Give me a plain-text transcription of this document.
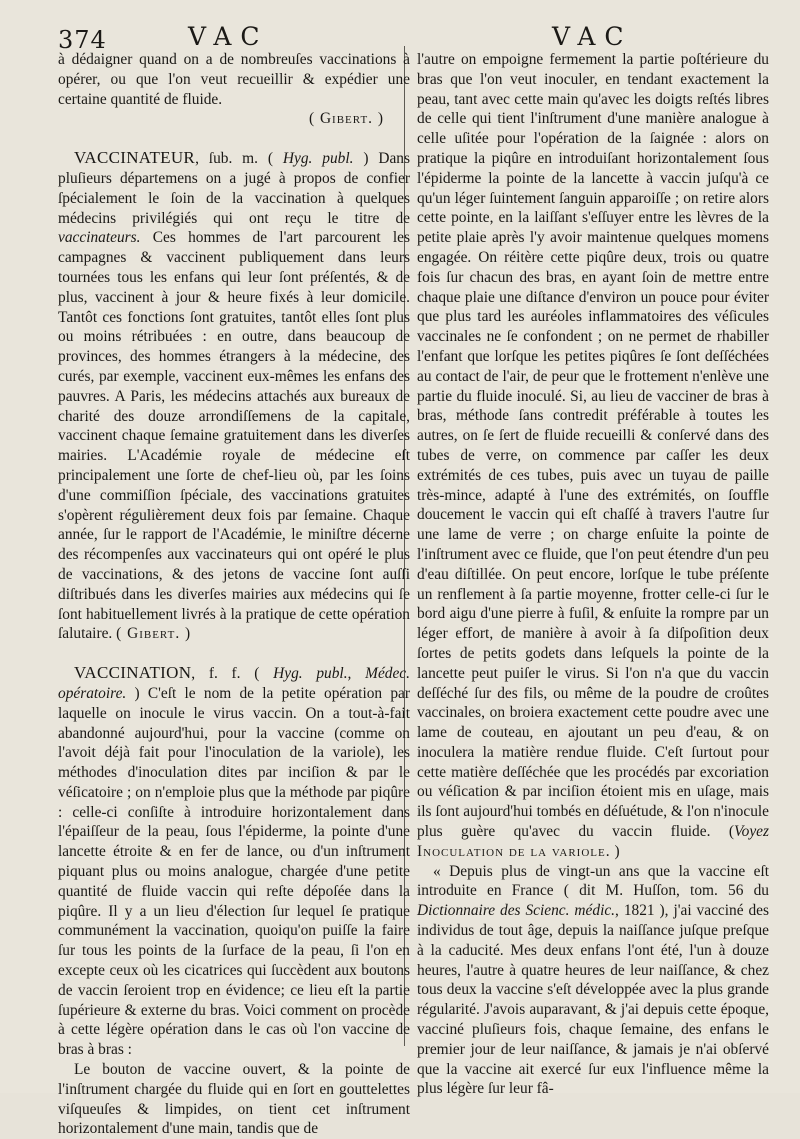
374	VAC	VAC

à dédaigner quand on a de nombreuſes vaccinations à opérer, ou que l'on veut recueillir & expédier une certaine quantité de fluide.

( Gibert. )

VACCINATEUR, ſub. m. ( Hyg. publ. ) Dans pluſieurs départemens on a jugé à propos de confier ſpécialement le ſoin de la vaccination à quelques médecins privilégiés qui ont reçu le titre de vaccinateurs. Ces hommes de l'art parcourent les campagnes & vaccinent publiquement dans leurs tournées tous les enfans qui leur ſont préſentés, & de plus, vaccinent à jour & heure fixés à leur domicile. Tantôt ces fonctions ſont gratuites, tantôt elles ſont plus ou moins rétribuées : en outre, dans beaucoup de provinces, des hommes étrangers à la médecine, des curés, par exemple, vaccinent eux-mêmes les enfans des pauvres. A Paris, les médecins attachés aux bureaux de charité des douze arrondiſſemens de la capitale, vaccinent chaque ſemaine gratuitement dans les diverſes mairies. L'Académie royale de médecine eſt principalement une ſorte de chef-lieu où, par les ſoins d'une commiſſion ſpéciale, des vaccinations gratuites s'opèrent régulièrement deux fois par ſemaine. Chaque année, ſur le rapport de l'Académie, le miniſtre décerne des récompenſes aux vaccinateurs qui ont opéré le plus de vaccinations, & des jetons de vaccine ſont auſſi diſtribués dans les diverſes mairies aux médecins qui ſe ſont habituellement livrés à la pratique de cette opération ſalutaire. ( Gibert. )

VACCINATION, f. f. ( Hyg. publ., Médec. opératoire. ) C'eſt le nom de la petite opération par laquelle on inocule le virus vaccin. On a tout-à-fait abandonné aujourd'hui, pour la vaccine (comme on l'avoit déjà fait pour l'inoculation de la variole), les méthodes d'inoculation dites par inciſion & par le véſicatoire ; on n'emploie plus que la méthode par piqûre : celle-ci conſiſte à introduire horizontalement dans l'épaiſſeur de la peau, ſous l'épiderme, la pointe d'une lancette étroite & en fer de lance, ou d'un inſtrument piquant plus ou moins analogue, chargée d'une petite quantité de fluide vaccin qui reſte dépoſée dans la piqûre. Il y a un lieu d'élection ſur lequel ſe pratique communément la vaccination, quoiqu'on puiſſe la faire ſur tous les points de la ſurface de la peau, ſi l'on en excepte ceux où les cicatrices qui ſuccèdent aux boutons de vaccin ſeroient trop en évidence; ce lieu eſt la partie ſupérieure & externe du bras. Voici comment on procède à cette légère opération dans le cas où l'on vaccine de bras à bras :

Le bouton de vaccine ouvert, & la pointe de l'inſtrument chargée du fluide qui en ſort en gouttelettes viſqueuſes & limpides, on tient cet inſtrument horizontalement d'une main, tandis que de

l'autre on empoigne fermement la partie poſtérieure du bras que l'on veut inoculer, en tendant exactement la peau, tant avec cette main qu'avec les doigts reſtés libres de celle qui tient l'inſtrument d'une manière analogue à celle uſitée pour l'opération de la ſaignée : alors on pratique la piqûre en introduiſant horizontalement ſous l'épiderme la pointe de la lancette à vaccin juſqu'à ce qu'un léger ſuintement ſanguin apparoiſſe ; on retire alors cette pointe, en la laiſſant s'eſſuyer entre les lèvres de la petite plaie après l'y avoir maintenue quelques momens engagée. On réitère cette piqûre deux, trois ou quatre fois ſur chacun des bras, en ayant ſoin de mettre entre chaque plaie une diſtance d'environ un pouce pour éviter que plus tard les auréoles inflammatoires des véſicules vaccinales ne ſe confondent ; on ne permet de rhabiller l'enfant que lorſque les petites piqûres ſe ſont deſſéchées au contact de l'air, de peur que le frottement n'enlève une partie du fluide inoculé. Si, au lieu de vacciner de bras à bras, méthode ſans contredit préférable à toutes les autres, on ſe ſert de fluide recueilli & conſervé dans des tubes de verre, on commence par caſſer les deux extrémités de ces tubes, puis avec un tuyau de paille très-mince, adapté à l'une des extrémités, on ſouffle doucement le vaccin qui eſt chaſſé à travers l'autre ſur une lame de verre ; on charge enſuite la pointe de l'inſtrument avec ce fluide, que l'on peut étendre d'un peu d'eau diſtillée. On peut encore, lorſque le tube préſente un renflement à ſa partie moyenne, frotter celle-ci ſur le bord aigu d'une pierre à fuſil, & enſuite la rompre par un léger effort, de manière à avoir à ſa diſpoſition deux ſortes de petits godets dans leſquels la pointe de la lancette peut puiſer le virus. Si l'on n'a que du vaccin deſſéché ſur des fils, ou même de la poudre de croûtes vaccinales, on broiera exactement cette poudre avec une lame de couteau, en ajoutant un peu d'eau, & on inoculera la matière rendue fluide. C'eſt ſurtout pour cette matière deſſéchée que les procédés par excoriation ou véſication & par inciſion étoient mis en uſage, mais ils ſont aujourd'hui tombés en déſuétude, & l'on n'inocule plus guère qu'avec du vaccin fluide. (Voyez Inoculation de la variole. )

« Depuis plus de vingt-un ans que la vaccine eſt introduite en France ( dit M. Huſſon, tom. 56 du Dictionnaire des Scienc. médic., 1821 ), j'ai vacciné des individus de tout âge, depuis la naiſſance juſque preſque à la caducité. Mes deux enfans l'ont été, l'un à douze heures, l'autre à quatre heures de leur naiſſance, & chez tous deux la vaccine s'eſt développée avec la plus grande régularité. J'avois auparavant, & j'ai depuis cette époque, vacciné pluſieurs fois, chaque ſemaine, des enfans le premier jour de leur naiſſance, & jamais je n'ai obſervé que la vaccine ait exercé ſur eux l'influence même la plus légère ſur leur fâ-
